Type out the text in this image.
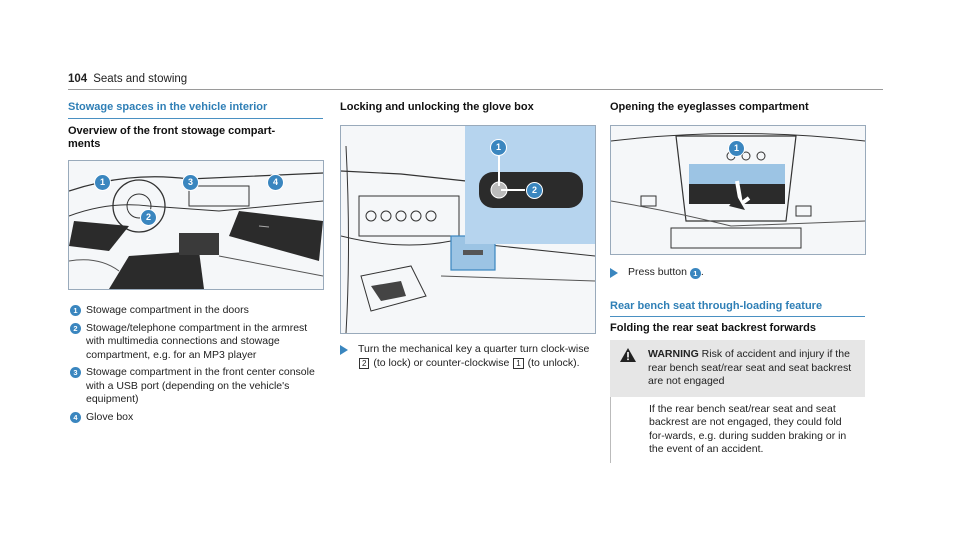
104 Seats and stowing
Stowage spaces in the vehicle interior
Overview of the front stowage compart-
ments
1
2
3	4
1 Stowage compartment in the doors
2 Stowage/telephone compartment in the armrest with multimedia connections and stowage compartment, e.g. for an MP3 player
3 Stowage compartment in the front center console with a USB port (depending on the vehicle's equipment)
4 Glove box
Locking and unlocking the glove box
1
2
Turn the mechanical key a quarter turn clock-wise 2 (to lock) or counter-clockwise 1 (to unlock).
Opening the eyeglasses compartment
1
Press button 1 .
Rear bench seat through-loading feature
Folding the rear seat backrest forwards
WARNING Risk of accident and injury if the rear bench seat/rear seat and seat backrest are not engaged
If the rear bench seat/rear seat and seat backrest are not engaged, they could fold for-wards, e.g. during sudden braking or in the event of an accident.
